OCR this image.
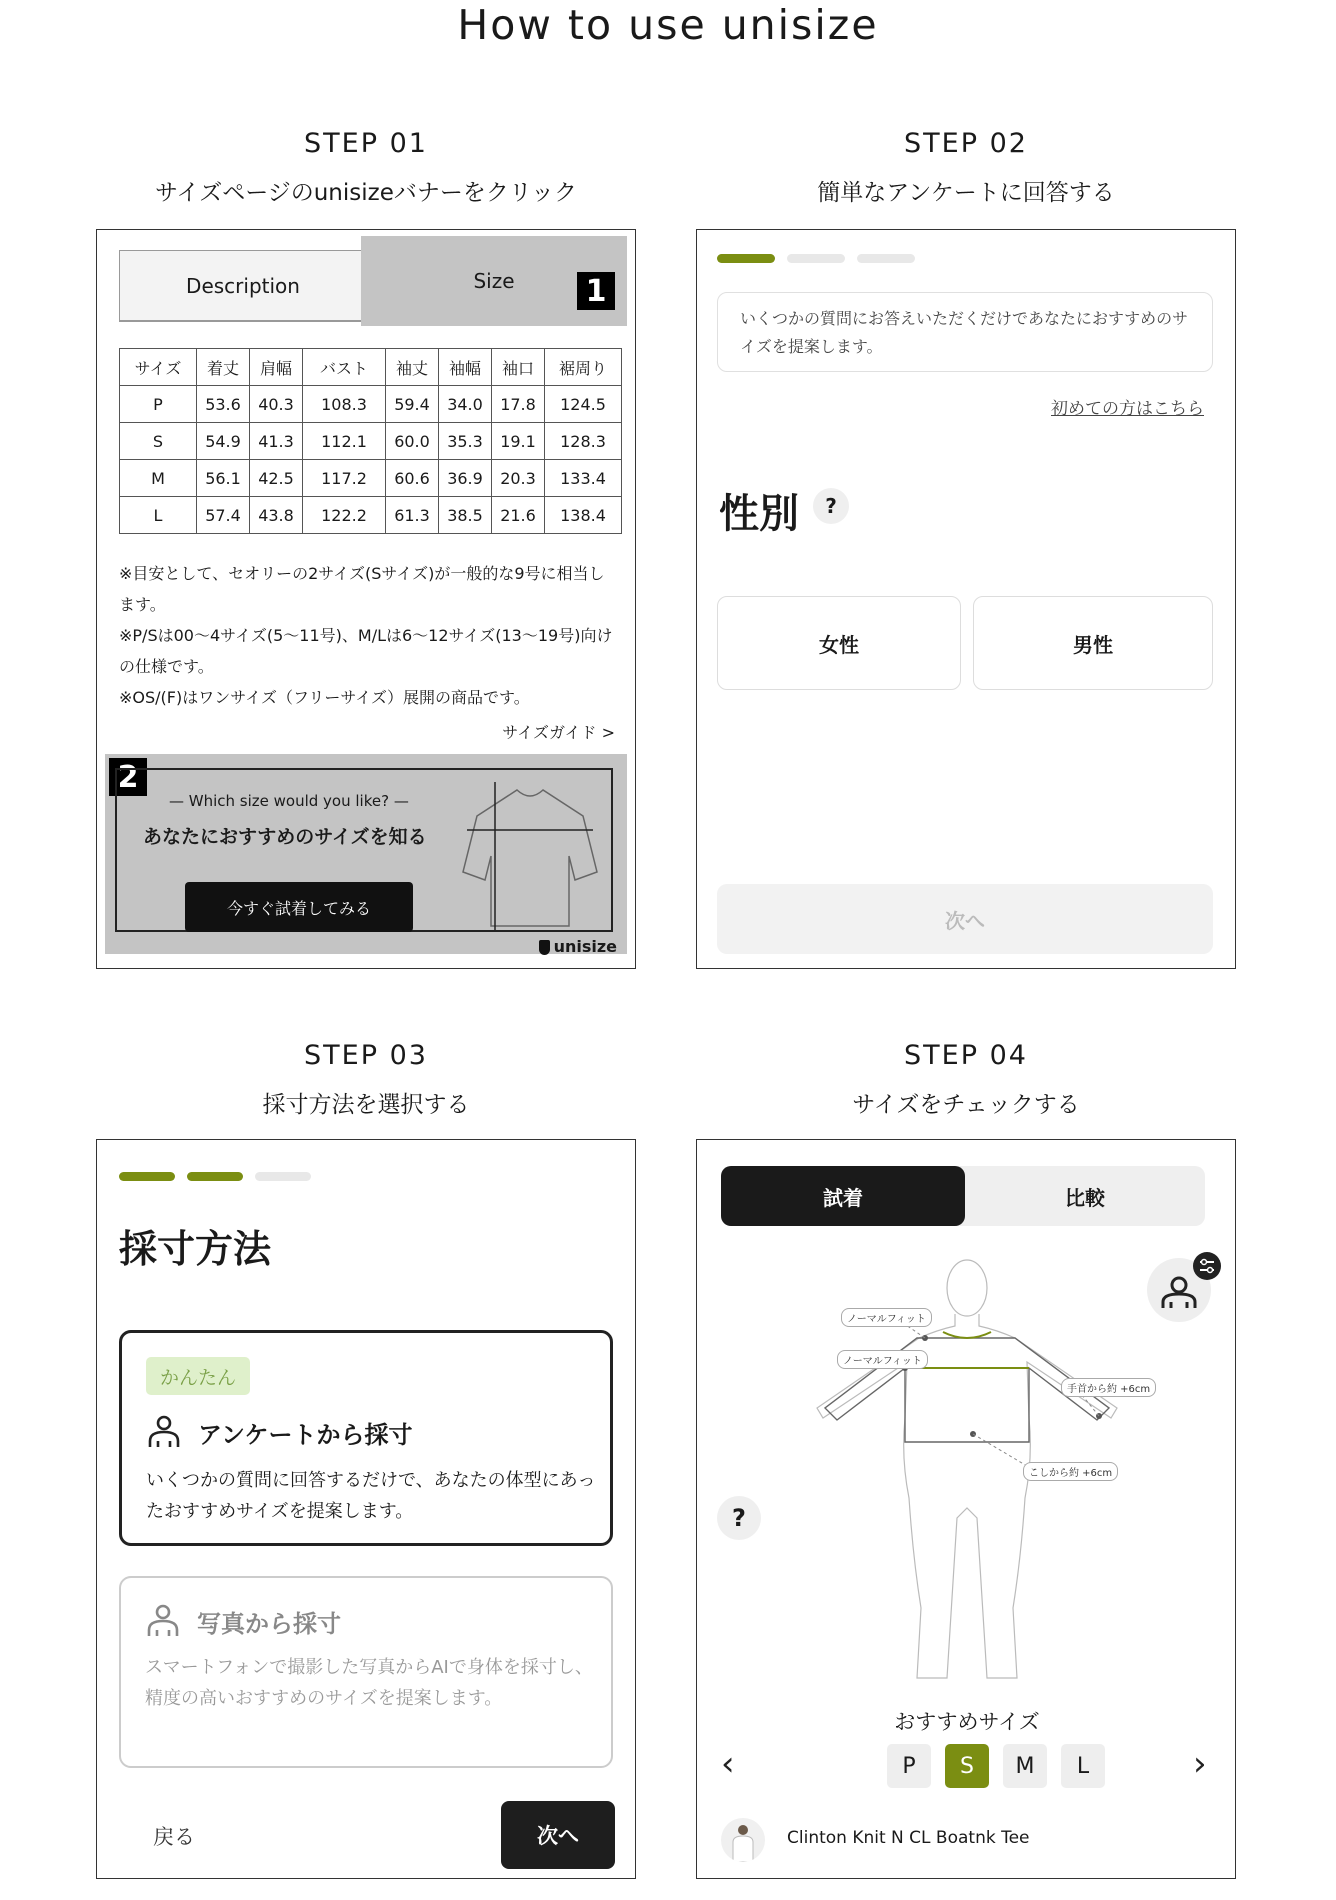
How to use unisize
STEP 01
サイズページのunisizeバナーをクリック
STEP 02
簡単なアンケートに回答する
STEP 03
採寸方法を選択する
STEP 04
サイズをチェックする
Description	Size 1
サイズ	着丈	肩幅	バスト	袖丈	袖幅	袖口	裾周り
P	53.6	40.3	108.3	59.4	34.0	17.8	124.5
S	54.9	41.3	112.1	60.0	35.3	19.1	128.3
M	56.1	42.5	117.2	60.6	36.9	20.3	133.4
L	57.4	43.8	122.2	61.3	38.5	21.6	138.4
※目安として、セオリーの2サイズ(Sサイズ)が一般的な9号に相当します。
※P/Sは00〜4サイズ(5〜11号)、M/Lは6〜12サイズ(13〜19号)向けの仕様です。
※OS/(F)はワンサイズ（フリーサイズ）展開の商品です。
サイズガイド >
2
— Which size would you like? —
あなたにおすすめのサイズを知る
今すぐ試着してみる
unisize
いくつかの質問にお答えいただくだけであなたにおすすめのサイズを提案します。
初めての方はこちら
性別	?
女性	男性
次へ
採寸方法
かんたん
アンケートから採寸
いくつかの質問に回答するだけで、あなたの体型にあったおすすめサイズを提案します。
写真から採寸
スマートフォンで撮影した写真からAIで身体を採寸し、精度の高いおすすめのサイズを提案します。
戻る	次へ
試着	比較
?
ノーマルフィット
ノーマルフィット
手首から約 +6cm
こしから約 +6cm
おすすめサイズ
‹	P	S	M	L	›
Clinton Knit N CL Boatnk Tee
